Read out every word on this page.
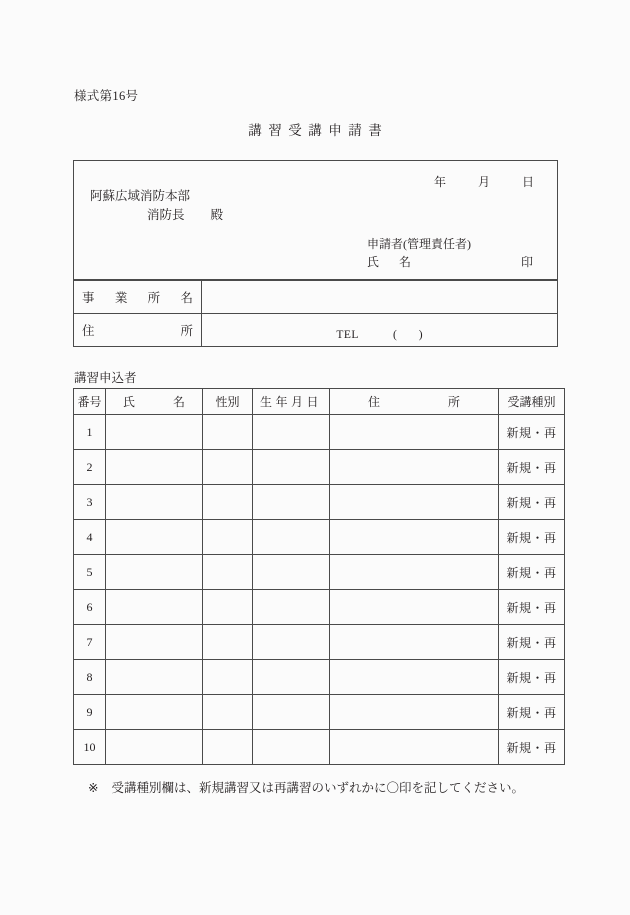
様式第16号
講習受講申請書
年	月	日
阿蘇広域消防本部
消防長 殿
申請者(管理責任者)
氏　名	印
事 業 所 名	

住 所	TEL ( )
講習申込者
番号	氏 名	性別	生年月日	住 所	受講種別
1					新規・再
2					新規・再
3					新規・再
4					新規・再
5					新規・再
6					新規・再
7					新規・再
8					新規・再
9					新規・再
10					新規・再
※ 受講種別欄は、新規講習又は再講習のいずれかに〇印を記してください。
